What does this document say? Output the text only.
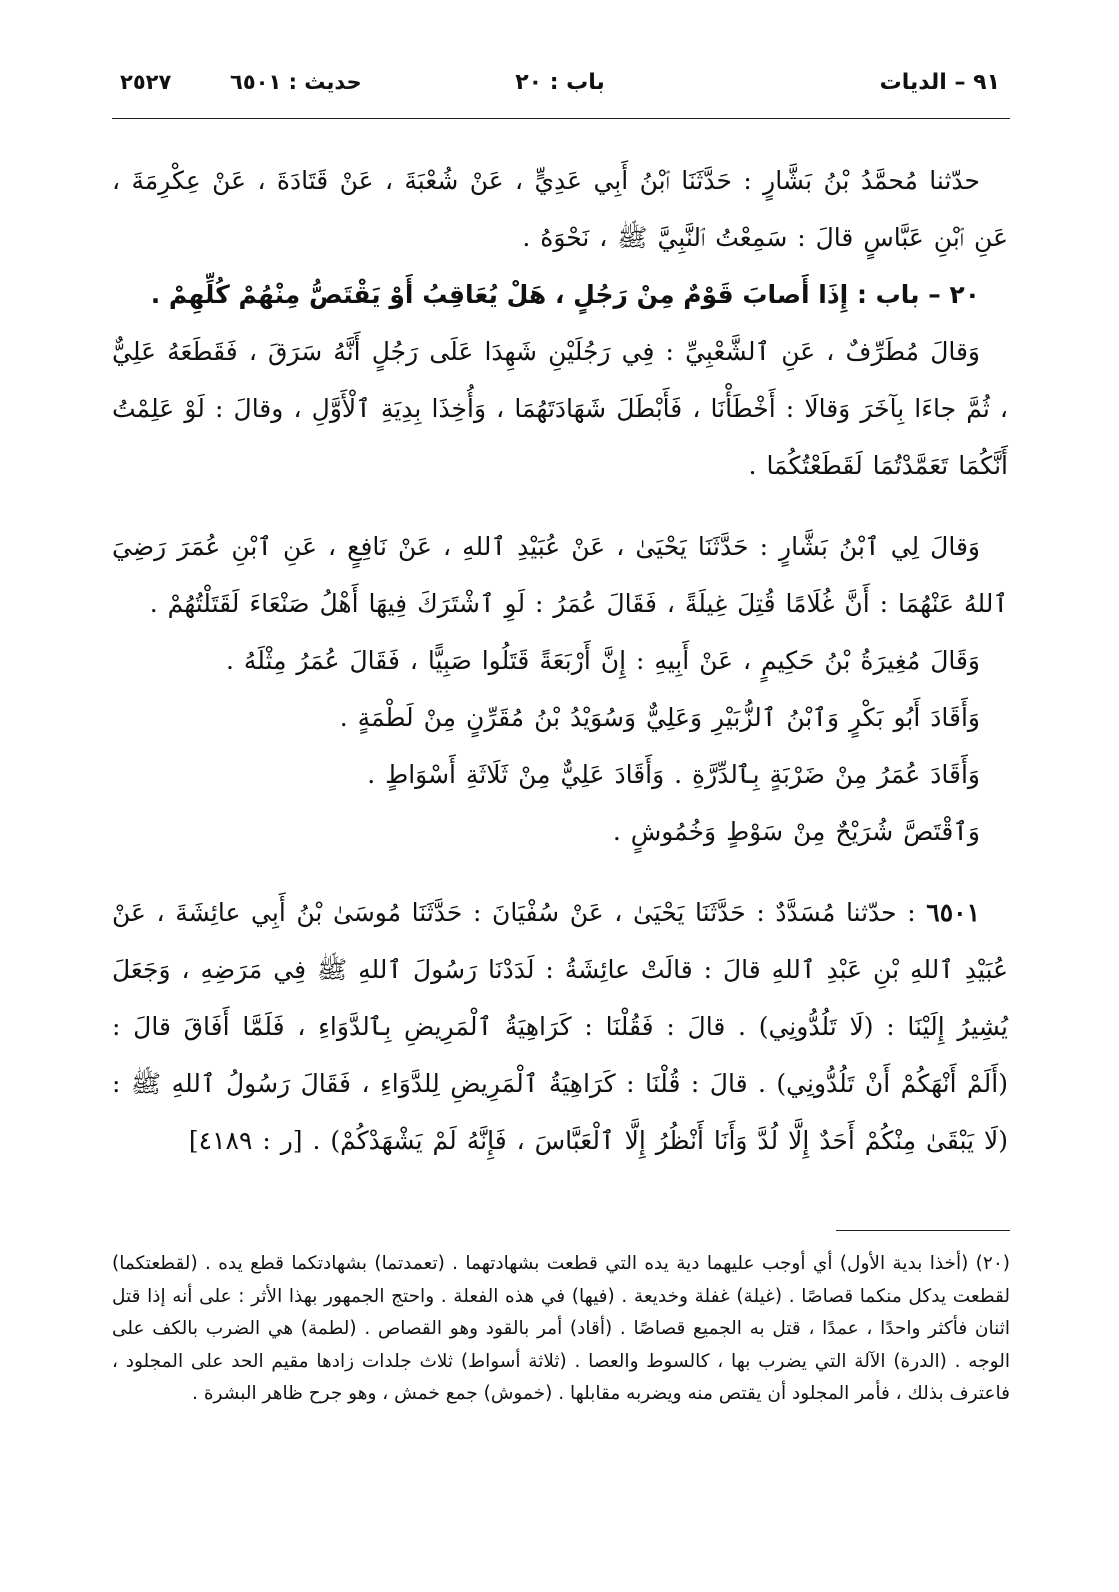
٩١ – الديات
باب : ٢٠
حديث : ٦٥٠١
٢٥٢٧

حدّثنا مُحمَّدُ بْنُ بَشَّارٍ : حَدَّثَنَا ٱبْنُ أَبِي عَدِيٍّ ، عَنْ شُعْبَةَ ، عَنْ قَتَادَةَ ، عَنْ عِكْرِمَةَ ، عَنِ ٱبْنِ عَبَّاسٍ قالَ : سَمِعْتُ ٱلنَّبِيَّ ﷺ ، نَحْوَهُ .

٢٠ – باب : إِذَا أَصابَ قَوْمٌ مِنْ رَجُلٍ ، هَلْ يُعَاقِبُ أَوْ يَقْتَصُّ مِنْهُمْ كُلِّهِمْ .

وَقالَ مُطَرِّفٌ ، عَنِ ٱلشَّعْبِيِّ : فِي رَجُلَيْنِ شَهِدَا عَلَى رَجُلٍ أَنَّهُ سَرَقَ ، فَقَطَعَهُ عَلِيٌّ ، ثُمَّ جاءَا بِآخَرَ وَقالَا : أَخْطَأْنَا ، فَأَبْطَلَ شَهَادَتَهُمَا ، وَأُخِذَا بِدِيَةِ ٱلْأَوَّلِ ، وقالَ : لَوْ عَلِمْتُ أَنَّكُمَا تَعَمَّدْتُمَا لَقَطَعْتُكُمَا .

وَقالَ لِي ٱبْنُ بَشَّارٍ : حَدَّثَنَا يَحْيَىٰ ، عَنْ عُبَيْدِ ٱللهِ ، عَنْ نَافِعٍ ، عَنِ ٱبْنِ عُمَرَ رَضِيَ ٱللهُ عَنْهُمَا : أَنَّ غُلَامًا قُتِلَ غِيلَةً ، فَقَالَ عُمَرُ : لَوِ ٱشْتَرَكَ فِيهَا أَهْلُ صَنْعَاءَ لَقَتَلْتُهُمْ .

وَقَالَ مُغِيرَةُ بْنُ حَكِيمٍ ، عَنْ أَبِيهِ : إِنَّ أَرْبَعَةً قَتَلُوا صَبِيًّا ، فَقَالَ عُمَرُ مِثْلَهُ .

وَأَقَادَ أَبُو بَكْرٍ وَٱبْنُ ٱلزُّبَيْرِ وَعَلِيٌّ وَسُوَيْدُ بْنُ مُقَرِّنٍ مِنْ لَطْمَةٍ .

وَأَقَادَ عُمَرُ مِنْ ضَرْبَةٍ بِٱلدِّرَّةِ . وَأَقَادَ عَلِيٌّ مِنْ ثَلَاثَةِ أَسْوَاطٍ .

وَٱقْتَصَّ شُرَيْحٌ مِنْ سَوْطٍ وَخُمُوشٍ .

٦٥٠١ : حدّثنا مُسَدَّدٌ : حَدَّثَنَا يَحْيَىٰ ، عَنْ سُفْيَانَ : حَدَّثَنَا مُوسَىٰ بْنُ أَبِي عائِشَةَ ، عَنْ عُبَيْدِ ٱللهِ بْنِ عَبْدِ ٱللهِ قالَ : قالَتْ عائِشَةُ : لَدَدْنَا رَسُولَ ٱللهِ ﷺ فِي مَرَضِهِ ، وَجَعَلَ يُشِيرُ إِلَيْنَا : (لَا تَلُدُّونِي) . قالَ : فَقُلْنَا : كَرَاهِيَةُ ٱلْمَرِيضِ بِٱلدَّوَاءِ ، فَلَمَّا أَفَاقَ قالَ : (أَلَمْ أَنْهَكُمْ أَنْ تَلُدُّونِي) . قالَ : قُلْنَا : كَرَاهِيَةُ ٱلْمَرِيضِ لِلدَّوَاءِ ، فَقَالَ رَسُولُ ٱللهِ ﷺ : (لَا يَبْقَىٰ مِنْكُمْ أَحَدٌ إِلَّا لُدَّ وَأَنَا أَنْظُرُ إِلَّا ٱلْعَبَّاسَ ، فَإِنَّهُ لَمْ يَشْهَدْكُمْ) . [ر : ٤١٨٩]

(٢٠) (أخذا بدية الأول) أي أوجب عليهما دية يده التي قطعت بشهادتهما . (تعمدتما) بشهادتكما قطع يده . (لقطعتكما) لقطعت يدكل منكما قصاصًا . (غيلة) غفلة وخديعة . (فيها) في هذه الفعلة . واحتج الجمهور بهذا الأثر : على أنه إذا قتل اثنان فأكثر واحدًا ، عمدًا ، قتل به الجميع قصاصًا . (أقاد) أمر بالقود وهو القصاص . (لطمة) هي الضرب بالكف على الوجه . (الدرة) الآلة التي يضرب بها ، كالسوط والعصا . (ثلاثة أسواط) ثلاث جلدات زادها مقيم الحد على المجلود ، فاعترف بذلك ، فأمر المجلود أن يقتص منه ويضربه مقابلها . (خموش) جمع خمش ، وهو جرح ظاهر البشرة .
